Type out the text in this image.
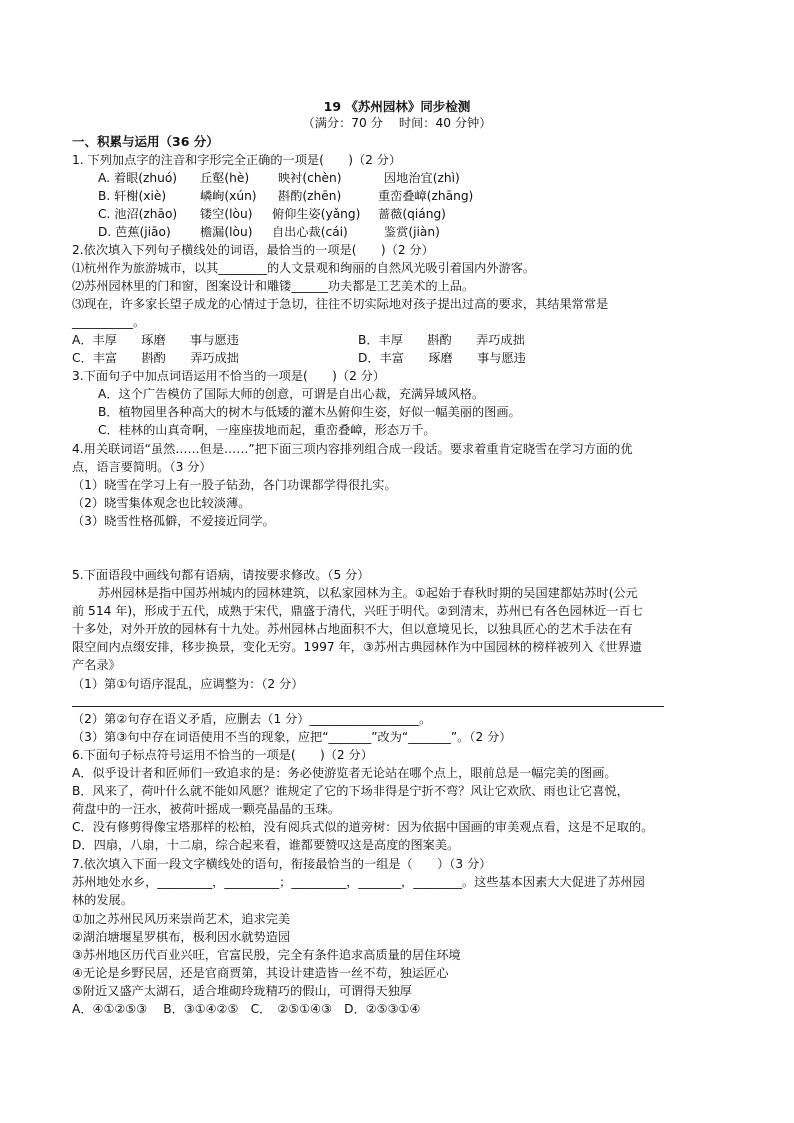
19 《苏州园林》同步检测
（满分：70 分　 时间：40 分钟）
一、积累与运用（36 分）
1. 下列加点字的注音和字形完全正确的一项是(　　)（2 分）
A. 着眼(zhuó) 丘壑(hè) 映衬(chèn)	因地治宜(zhì)
B. 轩榭(xiè)	嶙峋(xún) 斟酌(zhēn)	重峦叠嶂(zhāng)
C. 池沼(zhāo) 镂空(lòu) 俯仰生姿(yǎng) 蔷薇(qiáng)
D. 芭蕉(jiāo) 檐漏(lòu) 自出心裁(cái)	鉴赏(jiàn)
2.依次填入下列句子横线处的词语，最恰当的一项是(　　)（2 分）
⑴杭州作为旅游城市，以其________的人文景观和绚丽的自然风光吸引着国内外游客。
⑵苏州园林里的门和窗，图案设计和雕镂______功夫都是工艺美术的上品。
⑶现在，许多家长望子成龙的心情过于急切，往往不切实际地对孩子提出过高的要求，其结果常常是
__________。
A．丰厚　　琢磨　　事与愿违	B．丰厚　　斟酌　　弄巧成拙
C．丰富　　斟酌　　弄巧成拙	D．丰富　　琢磨　　事与愿违
3.下面句子中加点词语运用不恰当的一项是(　　)（2 分）
A．这个广告模仿了国际大师的创意，可谓是自出心裁，充满异域风格。
B．植物园里各种高大的树木与低矮的灌木丛俯仰生姿，好似一幅美丽的图画。
C．桂林的山真奇啊，一座座拔地而起，重峦叠嶂，形态万千。
4.用关联词语“虽然……但是……”把下面三项内容排列组合成一段话。要求着重肯定晓雪在学习方面的优
点，语言要简明。（3 分）
（1）晓雪在学习上有一股子钻劲，各门功课都学得很扎实。
（2）晓雪集体观念也比较淡薄。
（3）晓雪性格孤僻，不爱接近同学。
5.下面语段中画线句都有语病，请按要求修改。（5 分）
苏州园林是指中国苏州城内的园林建筑，以私家园林为主。①起始于春秋时期的吴国建都姑苏时(公元
前 514 年)，形成于五代，成熟于宋代，鼎盛于清代，兴旺于明代。②到清末，苏州已有各色园林近一百七
十多处，对外开放的园林有十九处。苏州园林占地面积不大，但以意境见长，以独具匠心的艺术手法在有
限空间内点缀安排，移步换景，变化无穷。1997 年，③苏州古典园林作为中国园林的榜样被列入《世界遗
产名录》
（1）第①句语序混乱，应调整为：（2 分）
（2）第②句存在语义矛盾，应删去（1 分）__________________。
（3）第③句中存在词语使用不当的现象，应把“_______”改为“_______”。（2 分）
6.下面句子标点符号运用不恰当的一项是(　　)（2 分）
A．似乎设计者和匠师们一致追求的是：务必使游览者无论站在哪个点上，眼前总是一幅完美的图画。
B．风来了，荷叶什么就不能如风愿？谁规定了它的下场非得是宁折不弯？风让它欢欣、雨也让它喜悦，
荷盘中的一汪水，被荷叶摇成一颗亮晶晶的玉珠。
C．没有修剪得像宝塔那样的松柏，没有阅兵式似的道旁树：因为依据中国画的审美观点看，这是不足取的。
D．四扇，八扇，十二扇，综合起来看，谁都要赞叹这是高度的图案美。
7.依次填入下面一段文字横线处的语句，衔接最恰当的一组是（　　）（3 分）
苏州地处水乡，_________，_________；_________，_______，________。这些基本因素大大促进了苏州园
林的发展。
①加之苏州民风历来崇尚艺术，追求完美
②湖泊塘堰星罗棋布，极利因水就势造园
③苏州地区历代百业兴旺，官富民殷，完全有条件追求高质量的居住环境
④无论是乡野民居，还是官商贾第，其设计建造皆一丝不苟，独运匠心
⑤附近又盛产太湖石，适合堆砌玲珑精巧的假山，可谓得天独厚
A．④①②⑤③　 B．③①④②⑤　C．　②⑤①④③　D．②⑤③①④
